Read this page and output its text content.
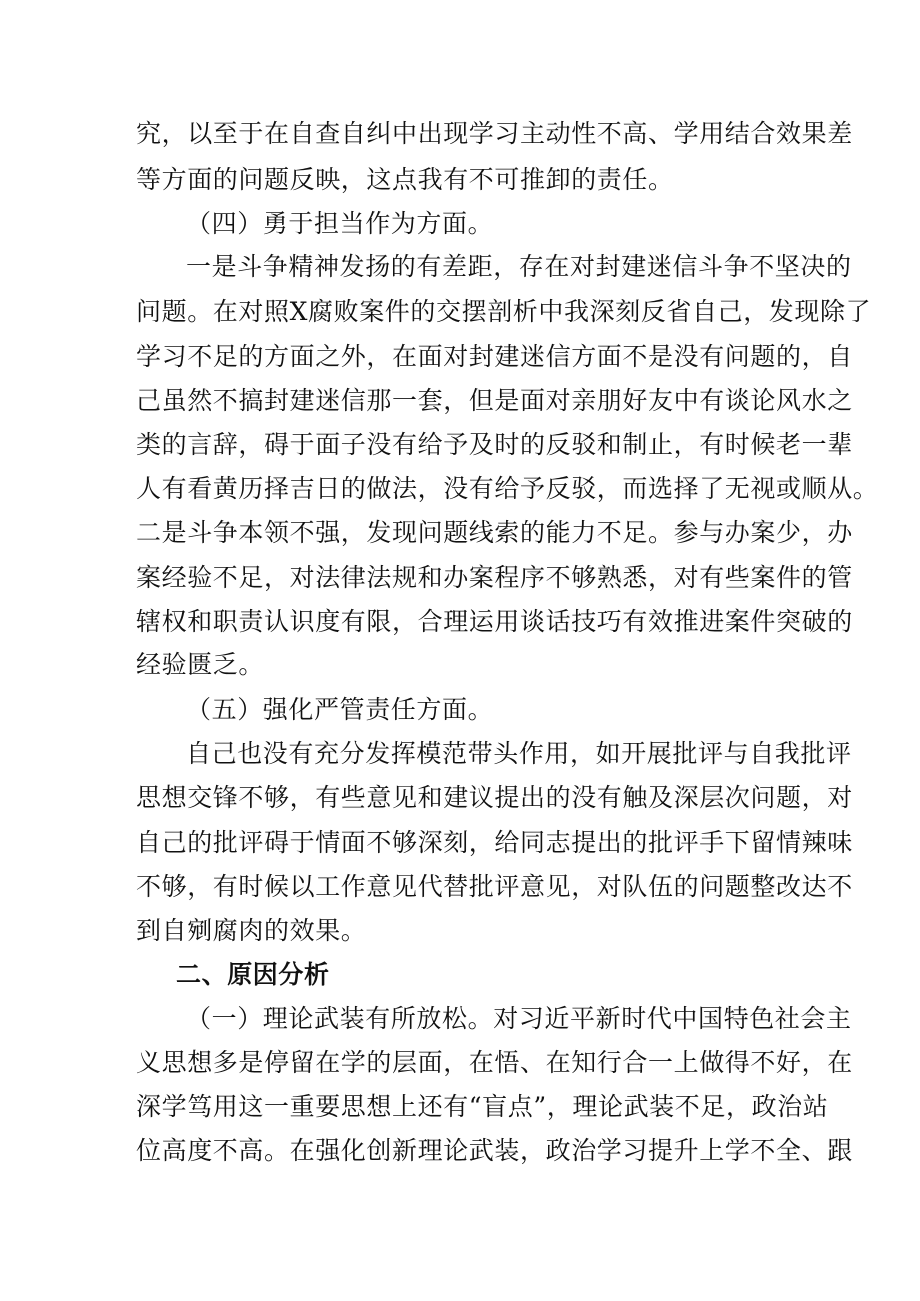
究，以至于在自查自纠中出现学习主动性不高、学用结合效果差
等方面的问题反映，这点我有不可推卸的责任。
（四）勇于担当作为方面。
一是斗争精神发扬的有差距，存在对封建迷信斗争不坚决的
问题。在对照X腐败案件的交摆剖析中我深刻反省自己，发现除了
学习不足的方面之外，在面对封建迷信方面不是没有问题的，自
己虽然不搞封建迷信那一套，但是面对亲朋好友中有谈论风水之
类的言辞，碍于面子没有给予及时的反驳和制止，有时候老一辈
人有看黄历择吉日的做法，没有给予反驳，而选择了无视或顺从。
二是斗争本领不强，发现问题线索的能力不足。参与办案少，办
案经验不足，对法律法规和办案程序不够熟悉，对有些案件的管
辖权和职责认识度有限，合理运用谈话技巧有效推进案件突破的
经验匮乏。
（五）强化严管责任方面。
自己也没有充分发挥模范带头作用，如开展批评与自我批评
思想交锋不够，有些意见和建议提出的没有触及深层次问题，对
自己的批评碍于情面不够深刻，给同志提出的批评手下留情辣味
不够，有时候以工作意见代替批评意见，对队伍的问题整改达不
到自剜腐肉的效果。
二、原因分析
（一）理论武装有所放松。对习近平新时代中国特色社会主
义思想多是停留在学的层面，在悟、在知行合一上做得不好，在
深学笃用这一重要思想上还有“盲点”，理论武装不足，政治站
位高度不高。在强化创新理论武装，政治学习提升上学不全、跟
